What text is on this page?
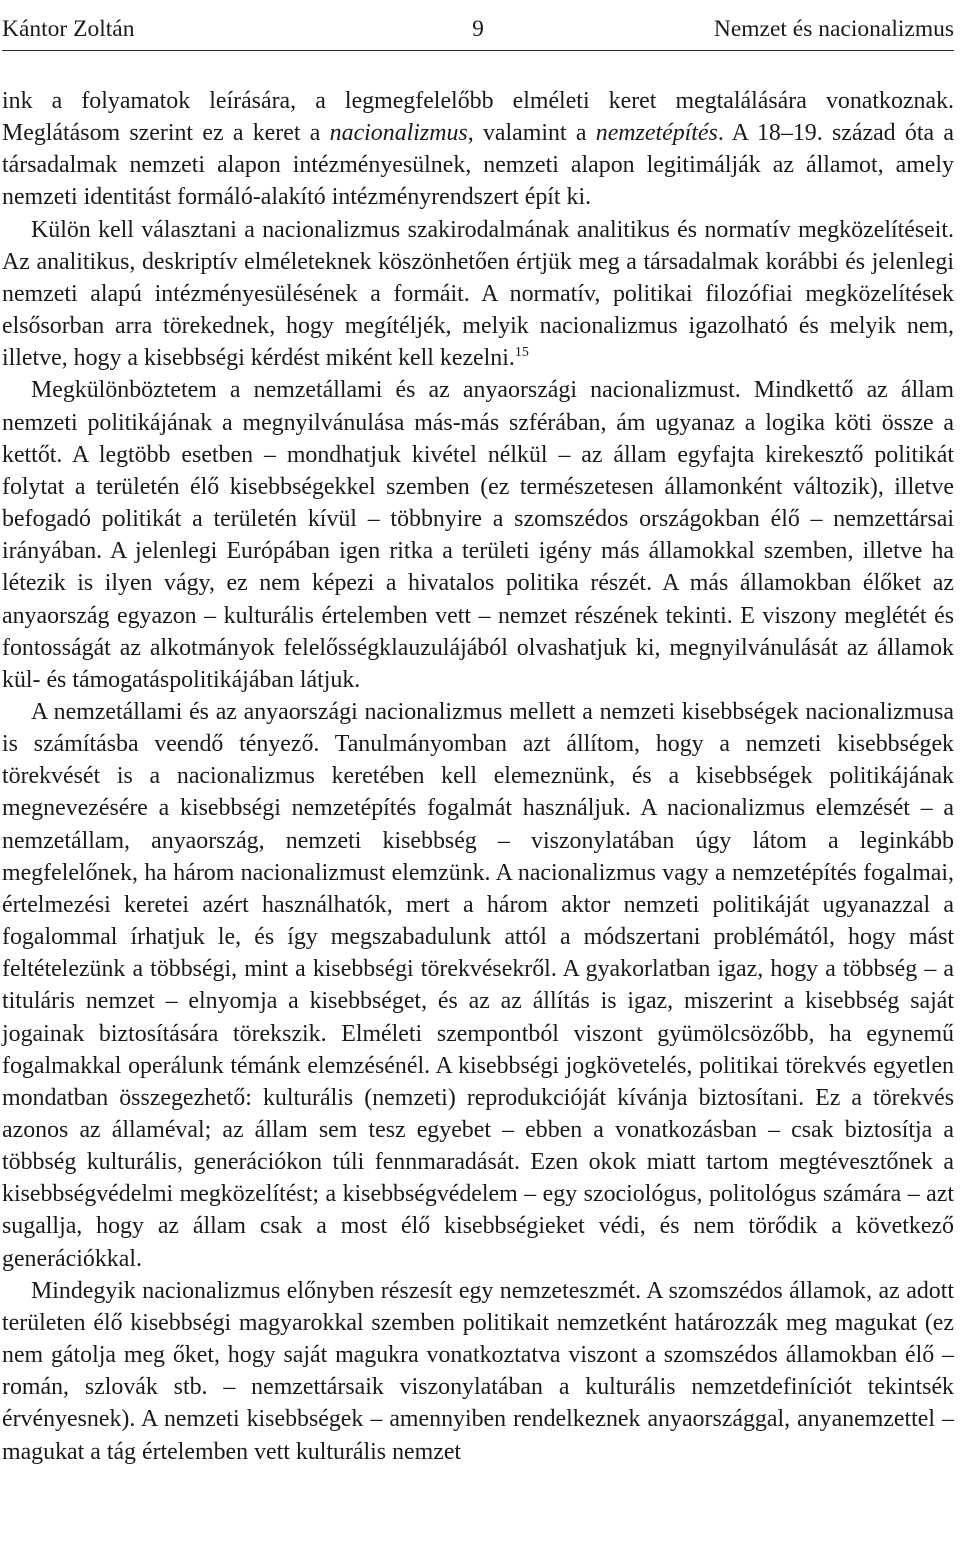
Kántor Zoltán	9	Nemzet és nacionalizmus

ink a folyamatok leírására, a legmegfelelőbb elméleti keret megtalálására vonatkoznak. Meglátásom szerint ez a keret a nacionalizmus, valamint a nemzetépítés. A 18–19. század óta a társadalmak nemzeti alapon intézményesülnek, nemzeti alapon legitimálják az államot, amely nemzeti identitást formáló-alakító intézményrendszert épít ki.

Külön kell választani a nacionalizmus szakirodalmának analitikus és normatív megközelítéseit. Az analitikus, deskriptív elméleteknek köszönhetően értjük meg a társadalmak korábbi és jelenlegi nemzeti alapú intézményesülésének a formáit. A normatív, politikai filozófiai megközelítések elsősorban arra törekednek, hogy megítéljék, melyik nacionalizmus igazolható és melyik nem, illetve, hogy a kisebbségi kérdést miként kell kezelni.$^{15}$

Megkülönböztetem a nemzetállami és az anyaországi nacionalizmust. Mindkettő az állam nemzeti politikájának a megnyilvánulása más-más szférában, ám ugyanaz a logika köti össze a kettőt. A legtöbb esetben – mondhatjuk kivétel nélkül – az állam egyfajta kirekesztő politikát folytat a területén élő kisebbségekkel szemben (ez természetesen államonként változik), illetve befogadó politikát a területén kívül – többnyire a szomszédos országokban élő – nemzettársai irányában. A jelenlegi Európában igen ritka a területi igény más államokkal szemben, illetve ha létezik is ilyen vágy, ez nem képezi a hivatalos politika részét. A más államokban élőket az anyaország egyazon – kulturális értelemben vett – nemzet részének tekinti. E viszony meglétét és fontosságát az alkotmányok felelősségklauzulájából olvashatjuk ki, megnyilvánulását az államok kül- és támogatáspolitikájában látjuk.

A nemzetállami és az anyaországi nacionalizmus mellett a nemzeti kisebbségek nacionalizmusa is számításba veendő tényező. Tanulmányomban azt állítom, hogy a nemzeti kisebbségek törekvését is a nacionalizmus keretében kell elemeznünk, és a kisebbségek politikájának megnevezésére a kisebbségi nemzetépítés fogalmát használjuk. A nacionalizmus elemzését – a nemzetállam, anyaország, nemzeti kisebbség – viszonylatában úgy látom a leginkább megfelelőnek, ha három nacionalizmust elemzünk. A nacionalizmus vagy a nemzetépítés fogalmai, értelmezési keretei azért használhatók, mert a három aktor nemzeti politikáját ugyanazzal a fogalommal írhatjuk le, és így megszabadulunk attól a módszertani problémától, hogy mást feltételezünk a többségi, mint a kisebbségi törekvésekről. A gyakorlatban igaz, hogy a többség – a tituláris nemzet – elnyomja a kisebbséget, és az az állítás is igaz, miszerint a kisebbség saját jogainak biztosítására törekszik. Elméleti szempontból viszont gyümölcsözőbb, ha egynemű fogalmakkal operálunk témánk elemzésénél. A kisebbségi jogkövetelés, politikai törekvés egyetlen mondatban összegezhető: kulturális (nemzeti) reprodukcióját kívánja biztosítani. Ez a törekvés azonos az államéval; az állam sem tesz egyebet – ebben a vonatkozásban – csak biztosítja a többség kulturális, generációkon túli fennmaradását. Ezen okok miatt tartom megtévesztőnek a kisebbségvédelmi megközelítést; a kisebbségvédelem – egy szociológus, politológus számára – azt sugallja, hogy az állam csak a most élő kisebbségieket védi, és nem törődik a következő generációkkal.

Mindegyik nacionalizmus előnyben részesít egy nemzeteszmét. A szomszédos államok, az adott területen élő kisebbségi magyarokkal szemben politikait nemzetként határozzák meg magukat (ez nem gátolja meg őket, hogy saját magukra vonatkoztatva viszont a szomszédos államokban élő – román, szlovák stb. – nemzettársaik viszonylatában a kulturális nemzetdefiníciót tekintsék érvényesnek). A nemzeti kisebbségek – amennyiben rendelkeznek anyaországgal, anyanemzettel – magukat a tág értelemben vett kulturális nemzet
